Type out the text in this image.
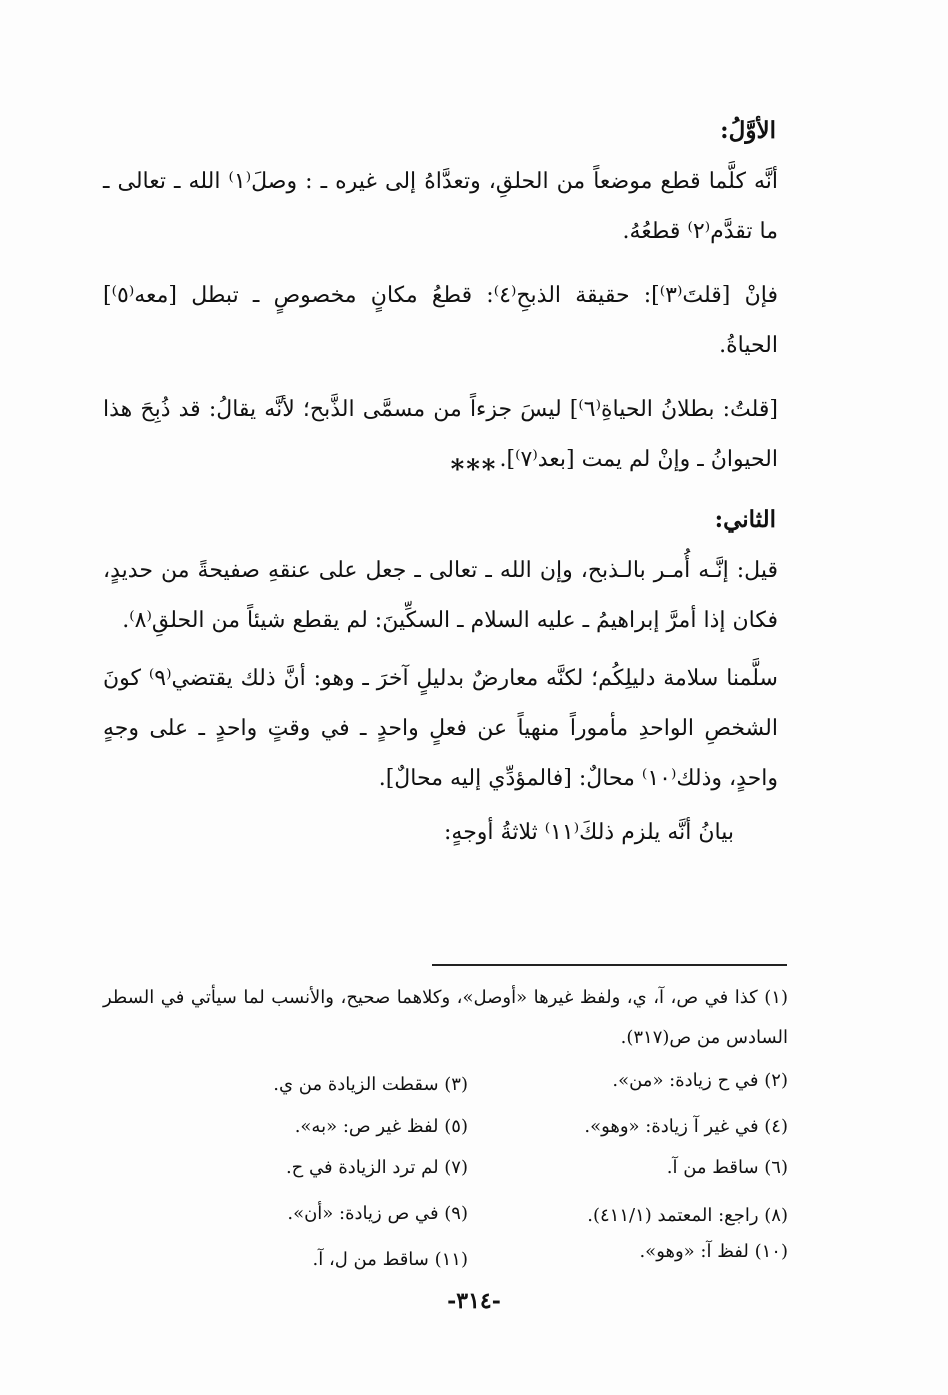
الأوَّلُ:

أنَّه كلَّما قطع موضعاً من الحلقِ، وتعدَّاهُ إلى غيره ـ : وصلَ⁽١⁾ الله ـ تعالى ـ ما تقدَّم⁽٢⁾ قطعُهُ.

فإنْ [قلتَ⁽٣⁾]: حقيقة الذبحِ⁽٤⁾: قطعُ مكانٍ مخصوصٍ ـ تبطل [معه⁽٥⁾] الحياةُ.

[قلتُ: بطلانُ الحياةِ⁽٦⁾] ليسَ جزءاً من مسمَّى الذَّبح؛ لأنَّه يقالُ: قد ذُبِحَ هذا الحيوانُ ـ وإنْ لم يمت [بعد⁽٧⁾].

***
الثاني:

قيل: إنَّـه أُمـر بالـذبح، وإن الله ـ تعالى ـ جعل على عنقهِ صفيحةً من حديدٍ، فكان إذا أمرَّ إبراهيمُ ـ عليه السلام ـ السكِّينَ: لم يقطع شيئاً من الحلقِ⁽٨⁾.

سلَّمنا سلامة دليلِكُم؛ لكنَّه معارضٌ بدليلٍ آخرَ ـ وهو: أنَّ ذلك يقتضي⁽٩⁾ كونَ الشخصِ الواحدِ مأموراً منهياً عن فعلٍ واحدٍ ـ في وقتٍ واحدٍ ـ على وجهٍ واحدٍ، وذلك⁽١٠⁾ محالٌ: [فالمؤدِّي إليه محالٌ].

بيانُ أنَّه يلزم ذلكَ⁽١١⁾ ثلاثةُ أوجهٍ:

(١) كذا في ص، آ، ي، ولفظ غيرها «أوصل»، وكلاهما صحيح، والأنسب لما سيأتي في السطر السادس من ص(٣١٧).
(٢) في ح زيادة: «من».
(٣) سقطت الزيادة من ي.
(٤) في غير آ زيادة: «وهو».
(٥) لفظ غير ص: «به».
(٦) ساقط من آ.
(٧) لم ترد الزيادة في ح.
(٨) راجع: المعتمد (٤١١/١).
(٩) في ص زيادة: «أن».
(١٠) لفظ آ: «وهو».
(١١) ساقط من ل، آ.
-٣١٤-
